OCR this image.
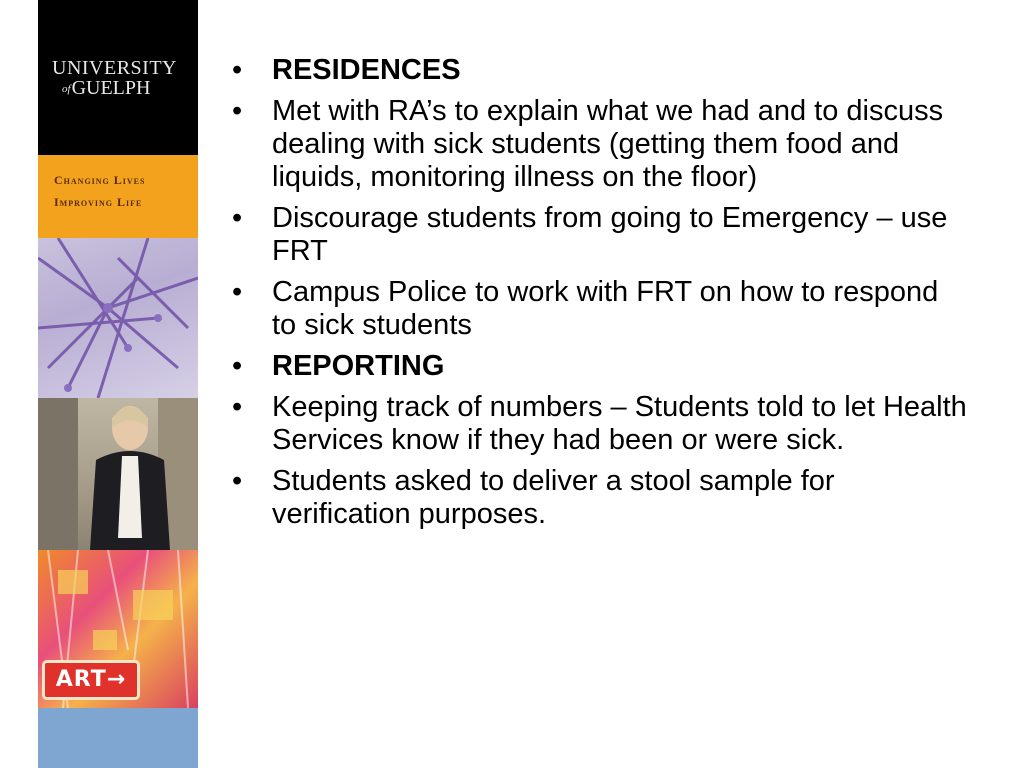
UNIVERSITY
ofGUELPH
Changing Lives
Improving Life
ART→
• RESIDENCES
• Met with RA’s to explain what we had and to discuss dealing with sick students (getting them food and liquids, monitoring illness on the floor)
• Discourage students from going to Emergency – use FRT
• Campus Police to work with FRT on how to respond to sick students
• REPORTING
• Keeping track of numbers – Students told to let Health Services know if they had been or were sick.
• Students asked to deliver a stool sample for verification purposes.
